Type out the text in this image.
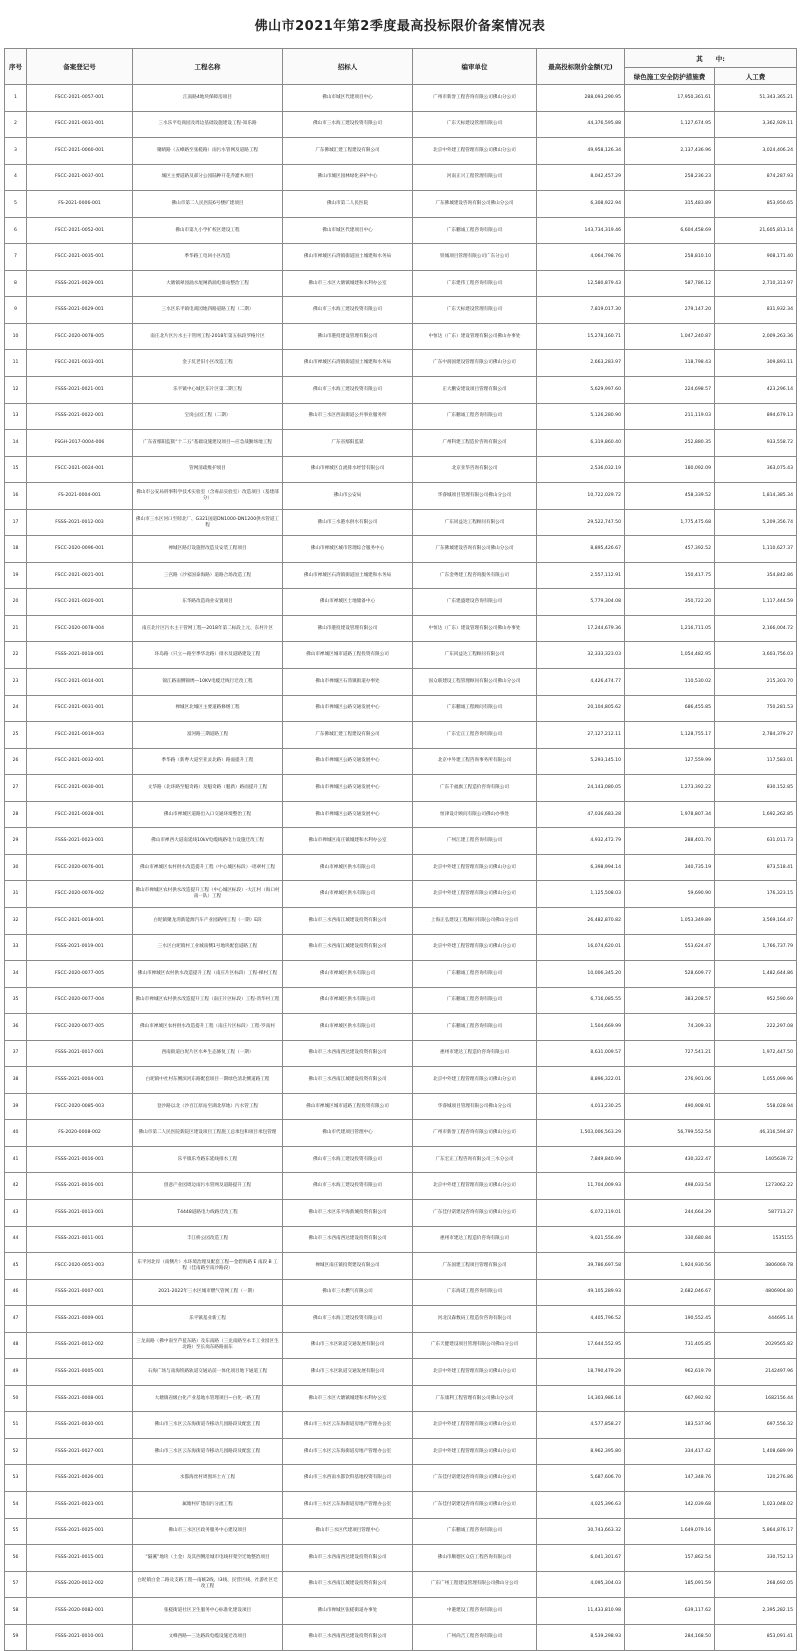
佛山市2021年第2季度最高投标限价备案情况表
序号	备案登记号	工程名称	招标人	编审单位	最高投标限价金额(元)	其　　中:	
						绿色施工安全防护措施费	人工费
1	FSCC-2021-0057-001	江南路4地块保障房项目	佛山市城区代建项目中心	广州市新誉工程咨询有限公司佛山分公司	288,093,290.95	17,950,361.61	51,343,365.21
2	FSCC-2021-0031-001	三水乐平电商园及周边基础设施建设工程-知乐路	佛山市三水海工建设投资有限公司	广东天标建设管理有限公司	44,376,595.88	1,127,674.95	3,362,929.11
3	FSCC-2021-0060-001	聚晴路（五峰路至张槎路）雨污水管网及道路工程	广东佛城汇建工程建设有限公司	北京中外建工程管理有限公司佛山分公司	49,958,126.34	2,137,436.96	3,024,406.24
4	FSCC-2021-0037-001	城区主要道路及部分公园陆种开花乔灌木项目	佛山市城区园林绿化养护中心	河南正兴工程管理有限公司	8,042,457.29	258,236.23	874,287.93
5	FS-2021-0006-001	佛山市第二人民医院6号楼扩建项目	佛山市第二人民医院	广东佛城建设咨询有限公司佛山分公司	6,308,922.94	315,483.89	853,950.65
6	FSCC-2021-0052-001	佛山市第九小学扩校区建设工程	佛山市城区代建项目中心	广东鹏诚工程咨询有限公司	143,734,319.46	6,604,458.69	21,605,813.14
7	FSCC-2021-0035-001	季华路工电回小区改造	佛山市禅城区石湾镇街道国土城建和水务局	铁城项目管理有限公司广东分公司	4,064,798.76	258,810.10	908,171.40
8	FSSS-2021-0029-001	大塘镇翠园涌水尾闸新涌电排站整治工程	佛山市三水区大塘镇城建和水利办公室	广东建伟工程咨询有限公司	12,580,879.43	587,786.12	2,710,313.97
9	FSSS-2021-0029-001	三水区乐平镇电商园地四路道路工程（二期）	佛山市三水海工建设投资有限公司	广东天标建设管理有限公司	7,819,017.30	279,147.20	831,932.34
10	FSCC-2020-0078-005	南庄北片区污水主干管网工程-2018年第五标段罗格片区	佛山市港投建设管理有限公司	中恒达（广东）建设管理有限公司佛山办事处	15,278,160.71	1,047,240.87	2,009,263.36
11	FSCC-2021-0033-001	金子坑老旧小区改造工程	佛山市禅城区石湾镇街道国土城建和水务局	广东中润国建设管理有限公司佛山分公司	2,663,283.97	118,798.43	309,893.11
12	FSSS-2021-0021-001	乐平镇中心城区东片区第二期工程	佛山市三水海工建设投资有限公司	正大鹏安建设项目管理有限公司	5,629,997.60	224,698.57	423,296.14
13	FSSS-2021-0022-001	宝岗公园工程（二期）	佛山市三水区西南街道公共事业服务所	广东鹏诚工程咨询有限公司	5,126,280.90	211,119.03	894,679.13
14	FSGH-2017-0004-006	广东省鄢阳监狱“十二五”基础设施建设项目—应急战勤场地工程	广东省鄢阳监狱	广州科建工程造价咨询有限公司	6,319,860.40	252,880.35	933,558.72
15	FSCC-2021-0024-001	管网清疏维护项目	佛山市禅城区自流排水经营有限公司	北京亚华咨询有限公司	2,536,032.19	180,092.09	363,075.43
16	FS-2021-0004-001	佛山市公安局刑事科学技术实验室（含毒品实验室）改造项目（基建部分）	佛山市公安局	华睿城项目管理有限公司佛山分公司	10,722,029.72	458,339.52	1,814,385.34
17	FSSS-2021-0012-003	佛山市三水区河口至睦北厂、G321国道DN1000-DN1200供水管道工程	佛山市三水港水供水有限公司	广东同益达工程顾问有限公司	29,522,747.50	1,775,475.68	5,209,356.74
18	FSCC-2020-0096-001	禅城区路灯设施智改造及安装工程项目	佛山市禅城区城市管理综合服务中心	广东佛城建设咨询有限公司佛山分公司	8,895,426.67	457,392.52	1,110,627.37
19	FSCC-2021-0021-001	三宫路（沙家国泰海路）道路合场改造工程	佛山市禅城区石湾镇街道国土城建和水务局	广东金粤建工程咨询服务有限公司	2,557,112.91	150,417.75	354,842.86
20	FSCC-2021-0020-001	东华路改造商业安置项目	佛山市禅城区土地储备中心	广东建盛建设咨询有限公司	5,779,304.08	350,722.20	1,117,444.59
21	FSCC-2020-0078-004	南庄北片区污水主干管网工程—2018年第二标段上元、东村片区	佛山市港投建设管理有限公司	中恒达（广东）建设管理有限公司佛山办事处	17,244,679.36	1,216,711.05	2,166,004.72
22	FSSS-2021-0018-001	环岛路（只立—路至季华北路）排水及道路建设工程	佛山市禅城区城市道路工程投资有限公司	广东同益达工程顾问有限公司	32,333,323.03	1,054,482.95	3,603,756.03
23	FSCC-2021-0014-001	锦江路南侧锦绣—10KV电缆迁线行迁改工程	佛山市禅城区石湾镇街道办事处	国众联建设工程管理顾问有限公司佛山分公司	4,426,474.77	110,530.02	215,303.70
24	FSCC-2021-0031-001	禅城区北城区主要道路修缮工程	佛山市禅城区公路交通发展中心	广东鹏诚工程顾问有限公司	20,104,805.62	686,455.85	750,281.53
25	FSCC-2021-0019-003	富河路三期道路工程	广东佛城汇建工程建设有限公司	广东宏正工程咨询有限公司	27,127,212.11	1,128,755.17	2,784,379.27
26	FSCC-2021-0032-001	季华路（新粤大道至亚灵北路）路面提升工程	佛山市禅城区公路交通发展中心	北京中外建工程咨询事务所有限公司	5,293,145.10	127,559.99	117,583.01
27	FSCC-2021-0030-001	文华路（北环路至魁奇路）及魁奇路（魁新）路面提升工程	佛山市禅城区公路交通发展中心	广东千福旗工程造价咨询有限公司	24,143,080.05	1,273,392.22	830,152.85
28	FSCC-2021-0028-001	佛山市禅城区道路出入口交通环境整治工程	佛山市禅城区公路交通发展中心	恒津设计顾问有限公司佛山办事处	47,036,683.28	1,978,807.34	1,692,262.85
29	FSSS-2021-0023-001	佛山市禅西大道南延线10kV电缆线路电力设施迁改工程	佛山市禅城区南庄镇城建和水利办公室	广州江建工程咨询有限公司	4,932,472.79	288,401.70	631,011.73
30	FSCC-2020-0076-001	佛山市禅城区农村供水改造提升工程（中心城区标段）-瑶翠村工程	佛山市禅城区供水有限公司	北京中外建工程管理有限公司佛山分公司	6,398,994.14	340,735.19	873,518.41
31	FSCC-2020-0076-002	佛山市禅城区农村供水改造提升工程（中心城区标段）-大江村（海口村南一队）工程	佛山市禅城区供水有限公司	北京中外建工程管理有限公司佛山分公司	1,125,508.03	59,690.90	176,323.15
32	FSCC-2021-0018-001	白坭镇聚龙湾新能源汽车产业园路网工程（一期）E段	佛山市三水西南江城建设投资有限公司	上海正弘建设工程顾问有限公司佛山分公司	26,482,870.82	1,053,349.89	3,569,164.47
33	FSSS-2021-0019-001	三水区白坭镇村工业城南侧1号地块配套道路工程	佛山市三水西南江城建设投资有限公司	北京中外建工程管理有限公司佛山分公司	16,074,620.01	553,624.47	1,766,737.79
34	FSCC-2020-0077-005	佛山市禅城区农村供水改造提升工程（南庄片区标段）工程-梯村工程	佛山市禅城区供水有限公司	广东鹏诚工程咨询有限公司	10,006,345.20	528,609.77	1,482,644.86
35	FSCC-2020-0077-004	佛山市禅城区农村供水改造提升工程（南庄片区标段）工程-湾华村工程	佛山市禅城区供水有限公司	广东鹏诚工程咨询有限公司	6,716,085.55	383,208.57	952,590.69
36	FSCC-2020-0077-005	佛山市禅城区农村供水改造提升工程（南庄片区标段）工程-罗南村	佛山市禅城区供水有限公司	广东鹏诚工程咨询有限公司	1,504,669.99	74,309.33	222,297.08
37	FSSS-2021-0017-001	西南街道白坭片区水乡生态修复工程（一期）	佛山市三水西南西达建设投资有限公司	惠州市建达工程造价咨询有限公司	8,631,009.57	727,541.21	1,972,447.50
38	FSSS-2021-0004-001	白坭镇中社村东侧滨河东路配套项目一期绿色清北侧道路工程	佛山市三水西南江城建设投资有限公司	北京中外建工程管理有限公司佛山分公司	8,896,322.01	276,901.06	1,055,099.96
39	FSCC-2020-0085-003	登沙路以北（沙百江原站至湖北厚地）污水管工程	佛山市禅城区城市道路工程投资有限公司	华睿城项目管理有限公司佛山分公司	4,013,230.25	490,908.91	558,028.94
40	FS-2020-0008-002	佛山市第二人民医院新院区建设项目工程施工总承包和项目承包管理	佛山市代建项目管理中心	广州市新誉工程咨询有限公司佛山分公司	1,503,006,563.29	56,799,552.54	46,316,594.87
41	FSSS-2021-0016-001	乐平镇乐寿路东延线排水工程	佛山市三水海工建设投资有限公司	广东宏正工程咨询有限公司三水分公司	7,849,840.99	430,322.47	1405639.72
42	FSSS-2021-0016-001	创意产业园周边雨污水管网及道路提升工程	佛山市三水海工建设投资有限公司	北京中外建工程管理有限公司佛山分公司	11,704,009.93	498,033.54	1273062.22
43	FSSS-2021-0013-001	T4448道路电力线路迁改工程	佛山市三水区乐平海新城投资有限公司	广东佳付诺建设咨询有限公司佛山分公司	6,072,119.01	244,664.29	587713.27
44	FSSS-2021-0011-001	丰江桥公园改造工程	佛山市三水西南西达建设投资有限公司	惠州市建达工程造价咨询有限公司	9,021,556.49	330,680.84	1535155
45	FSCC-2020-0051-003	东平河北岸（南侧片）水环境治理及配套工程—金碧海路 E 南段 B 工程（佳南路至南沙路段）	禅城区南庄镇投资建设有限公司	广东国建工程项目管理有限公司	39,786,697.58	1,924,930.56	3806069.78
46	FSSS-2021-0007-001	2021-2022年三水区城市燃气管网工程（一期）	佛山市三水燃气有限公司	广东海诺工程咨询有限公司	49,105,289.93	2,682,046.67	4806904.80
47	FSSS-2021-0009-001	乐平镇基业新工程	佛山市三水海工建设投资有限公司	河北汉森数码工程造价咨询有限公司	4,405,796.52	190,552.45	444695.14
48	FSSS-2021-0012-002	三龙南路（佛中南至芦苞东路）及东南路（三龙南路至永丰工业园区生北路）至长岗东路路面东	佛山市三水区轨道交通发展有限公司	广东天健建设项目管理有限公司佛山分公司	17,644,552.95	731,405.85	2029565.82
49	FSSS-2021-0005-001	石海广场与南海铁路轨道交通站前一体化项目地下通道工程	佛山市三水区轨道交通发展有限公司	北京中外建工程管理有限公司佛山分公司	18,790,479.29	962,619.79	2142497.96
50	FSSS-2021-0008-001	大塘镇省级白化产业基地水管理项目—白化一路工程	佛山市三水区大塘镇城建和水利办公室	广东康利工程管理有限公司佛山分公司	14,303,986.14	667,992.92	1682156.44
51	FSSS-2021-0030-001	佛山市三水区云东海街道寺移动几园路段及配套工程	佛山市三水区云东海街道房地产管理办公室	北京中外建工程管理有限公司佛山分公司	4,577,858.27	183,537.96	697,556.32
52	FSSS-2021-0027-001	佛山市三水区云东海街道寺移动几园路段及配套工程	佛山市三水区云东海街道房地产管理办公室	北京中外建工程管理有限公司佛山分公司	8,962,395.80	334,417.42	1,408,689.99
53	FSSS-2021-0026-001	水都海丝村周围环土方工程	佛山市三水西南水都饮料基地投资有限公司	广东佳付诺建设咨询有限公司佛山分公司	5,687,606.70	147,348.76	120,276.86
54	FSSS-2021-0023-001	属塘村扩建雨污分流工程	佛山市三水区云东海街道房地产管理办公室	广东佳付诺建设咨询有限公司佛山分公司	4,025,396.63	142,039.68	1,023,048.02
55	FSSS-2021-0025-001	佛山市三水区区政务服务中心建设项目	佛山市三水区代建项目管理中心	广东鹏诚工程咨询有限公司	30,743,663.32	1,649,079.16	5,864,876.17
56	FSSS-2021-0015-001	“隔溪”地块（土金）及其西侧沿城市电线杆架空迁地整治项目	佛山市三水西南西达建设投资有限公司	佛山市顺德区众信工程咨询有限公司	6,041,301.67	157,862.54	330,752.13
57	FSSS-2020-0012-002	白坭镇白金二路及支路工程—南峡2线、I3线、民营区线、社游社区迁改工程	佛山市三水西南江城建设投资有限公司	广东广州工程建设管理有限公司佛山分公司	4,095,304.03	185,091.59	268,692.05
58	FSSS-2020-0082-001	张槎街道社区卫生服务中心标准化建设项目	佛山市禅城区张槎街道办事处	中港建设工程咨询有限公司	11,433,810.98	639,117.62	2,395,282.15
59	FSSS-2021-0010-001	文峰西路—三达路段电缆设施迁改项目	佛山市三水西南西达建设投资有限公司	广州尚吉工程咨询有限公司	8,539,298.93	284,168.50	853,091.41
